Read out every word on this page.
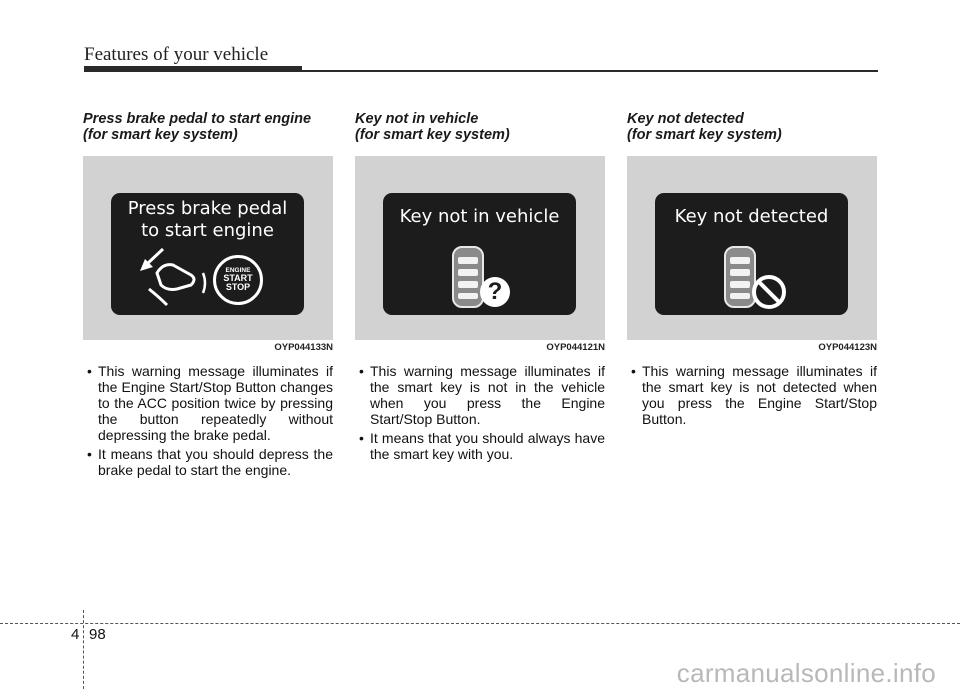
Features of your vehicle
Press brake pedal to start engine
(for smart key system)
Press brake pedal
to start engine
ENGINE
START
STOP
OYP044133N
• This warning message illuminates if the Engine Start/Stop Button changes to the ACC position twice by pressing the button repeatedly without depressing the brake pedal.
• It means that you should depress the brake pedal to start the engine.
Key not in vehicle
(for smart key system)
Key not in vehicle
?
OYP044121N
• This warning message illuminates if the smart key is not in the vehicle when you press the Engine Start/Stop Button.
• It means that you should always have the smart key with you.
Key not detected
(for smart key system)
Key not detected
OYP044123N
• This warning message illuminates if the smart key is not detected when you press the Engine Start/Stop Button.
4 98
carmanualsonline.info
